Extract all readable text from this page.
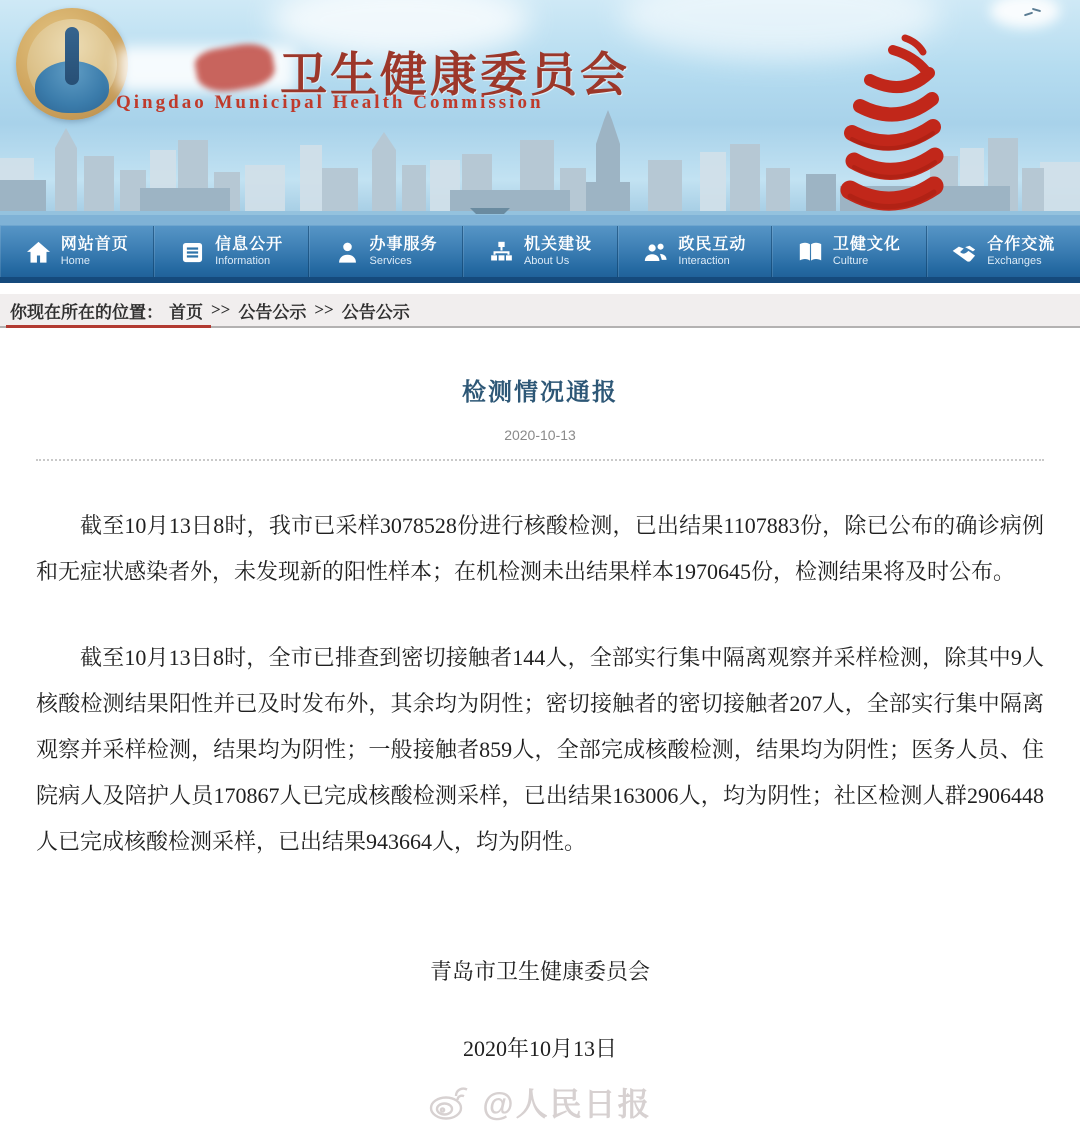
卫生健康委员会
Qingdao Municipal Health Commission
网站首页
Home
信息公开
Information
办事服务
Services
机关建设
About Us
政民互动
Interaction
卫健文化
Culture
合作交流
Exchanges
你现在所在的位置： 首页 >> 公告公示 >> 公告公示
检测情况通报
2020-10-13

截至10月13日8时，我市已采样3078528份进行核酸检测，已出结果1107883份，除已公布的确诊病例和无症状感染者外，未发现新的阳性样本；在机检测未出结果样本1970645份，检测结果将及时公布。

截至10月13日8时，全市已排查到密切接触者144人，全部实行集中隔离观察并采样检测，除其中9人核酸检测结果阳性并已及时发布外，其余均为阴性；密切接触者的密切接触者207人，全部实行集中隔离观察并采样检测，结果均为阴性；一般接触者859人，全部完成核酸检测，结果均为阴性；医务人员、住院病人及陪护人员170867人已完成核酸检测采样，已出结果163006人，均为阴性；社区检测人群2906448人已完成核酸检测采样，已出结果943664人，均为阴性。

青岛市卫生健康委员会

2020年10月13日

@人民日报
